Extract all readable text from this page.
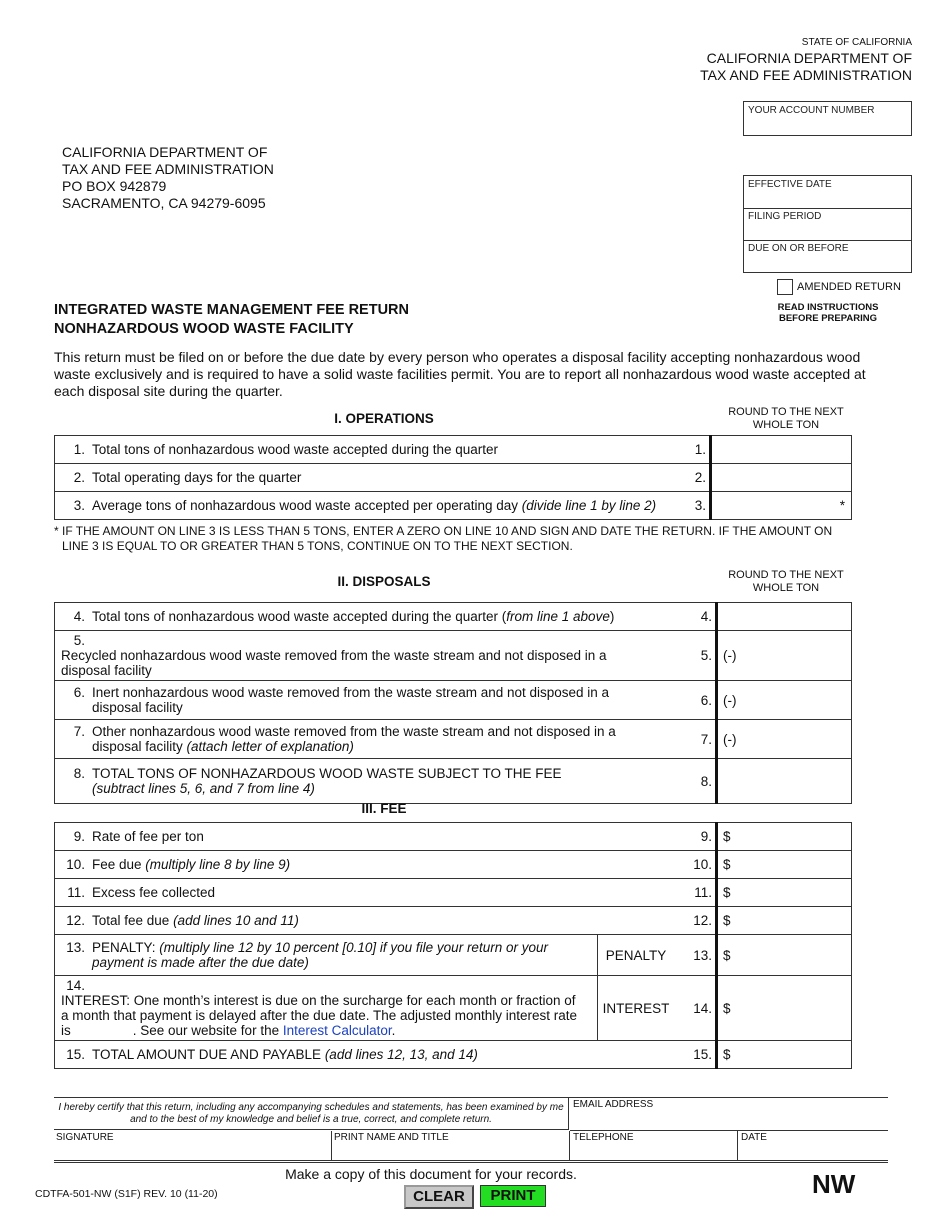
STATE OF CALIFORNIA
CALIFORNIA DEPARTMENT OF
TAX AND FEE ADMINISTRATION
YOUR ACCOUNT NUMBER
CALIFORNIA DEPARTMENT OF
TAX AND FEE ADMINISTRATION
PO BOX 942879
SACRAMENTO, CA 94279-6095
EFFECTIVE DATE
FILING PERIOD
DUE ON OR BEFORE
AMENDED RETURN
READ INSTRUCTIONS
BEFORE PREPARING
INTEGRATED WASTE MANAGEMENT FEE RETURN
NONHAZARDOUS WOOD WASTE FACILITY
This return must be filed on or before the due date by every person who operates a disposal facility accepting nonhazardous wood waste exclusively and is required to have a solid waste facilities permit. You are to report all nonhazardous wood waste accepted at each disposal site during the quarter.
I. OPERATIONS	ROUND TO THE NEXT WHOLE TON
1. Total tons of nonhazardous wood waste accepted during the quarter	1.	
2. Total operating days for the quarter	2.	
3. Average tons of nonhazardous wood waste accepted per operating day (divide line 1 by line 2)	3.	*
* IF THE AMOUNT ON LINE 3 IS LESS THAN 5 TONS, ENTER A ZERO ON LINE 10 AND SIGN AND DATE THE RETURN. IF THE AMOUNT ON LINE 3 IS EQUAL TO OR GREATER THAN 5 TONS, CONTINUE ON TO THE NEXT SECTION.
II. DISPOSALS	ROUND TO THE NEXT WHOLE TON
4. Total tons of nonhazardous wood waste accepted during the quarter (from line 1 above)	4.	
5.Recycled nonhazardous wood waste removed from the waste stream and not disposed in a disposal facility	5.	(-)
6. Inert nonhazardous wood waste removed from the waste stream and not disposed in a disposal facility	6.	(-)
7. Other nonhazardous wood waste removed from the waste stream and not disposed in a disposal facility (attach letter of explanation)	7.	(-)
8. TOTAL TONS OF NONHAZARDOUS WOOD WASTE SUBJECT TO THE FEE
(subtract lines 5, 6, and 7 from line 4)	8.	
III. FEE
9. Rate of fee per ton		9.	$
10. Fee due (multiply line 8 by line 9)		10.	$
11. Excess fee collected		11.	$
12. Total fee due (add lines 10 and 11)		12.	$
13. PENALTY: (multiply line 12 by 10 percent [0.10] if you file your return or your payment is made after the due date)	PENALTY	13.	$
14.INTEREST: One month’s interest is due on the surcharge for each month or fraction of a month that payment is delayed after the due date. The adjusted monthly interest rate is . See our website for the Interest Calculator.	INTEREST	14.	$
15. TOTAL AMOUNT DUE AND PAYABLE (add lines 12, 13, and 14)		15.	$
I hereby certify that this return, including any accompanying schedules and statements, has been examined by me and to the best of my knowledge and belief is a true, correct, and complete return.
EMAIL ADDRESS
SIGNATURE	PRINT NAME AND TITLE	TELEPHONE	DATE
Make a copy of this document for your records.
CDTFA-501-NW (S1F) REV. 10 (11-20)	CLEAR	PRINT	NW
